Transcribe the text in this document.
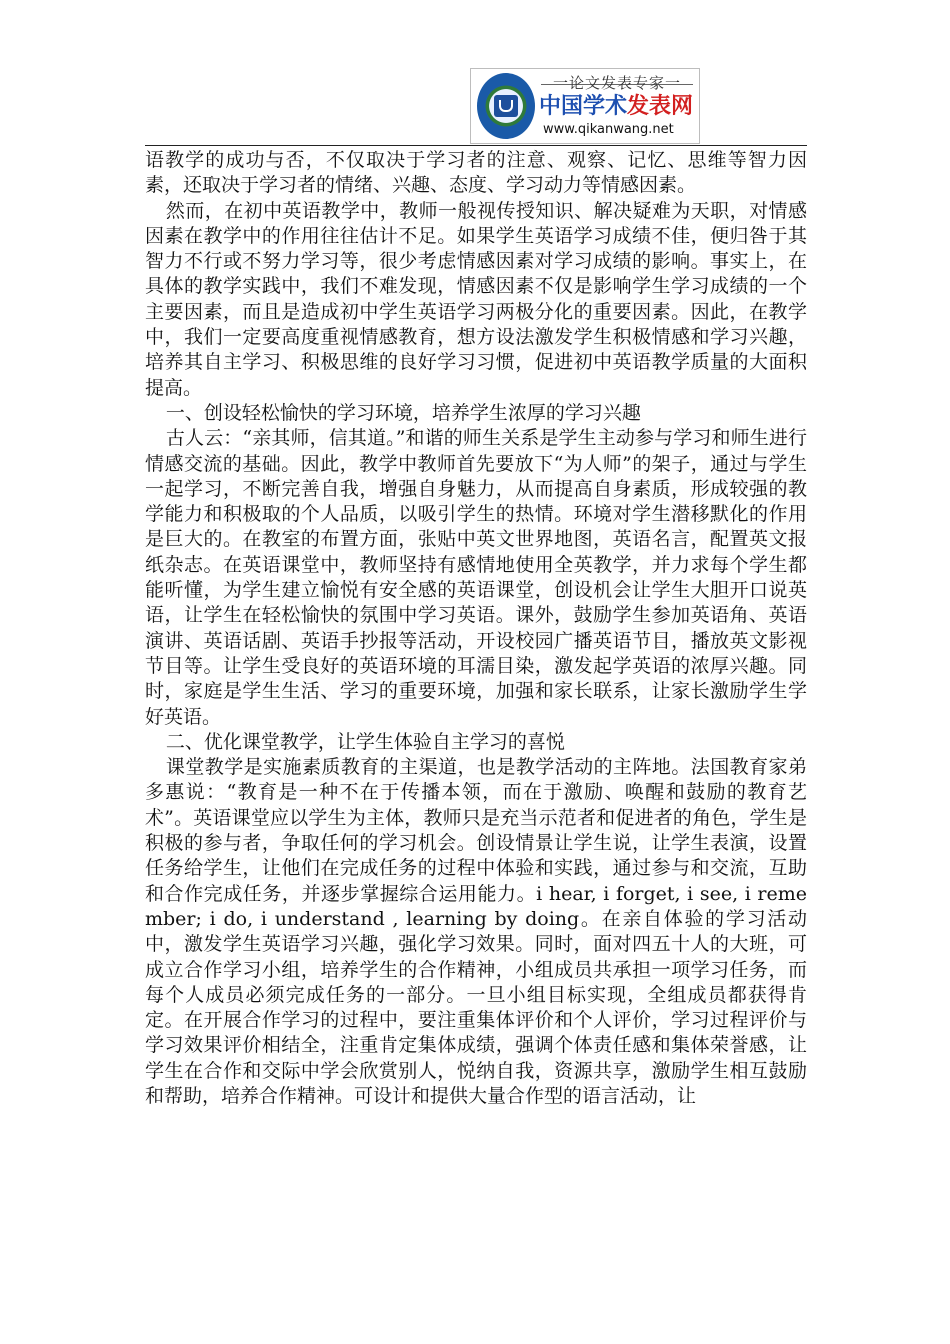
一论文发表专家一
中国学术发表网
www.qikanwang.net

语教学的成功与否，不仅取决于学习者的注意、观察、记忆、思维等智力因素，还取决于学习者的情绪、兴趣、态度、学习动力等情感因素。

然而，在初中英语教学中，教师一般视传授知识、解决疑难为天职，对情感因素在教学中的作用往往估计不足。如果学生英语学习成绩不佳，便归咎于其智力不行或不努力学习等，很少考虑情感因素对学习成绩的影响。事实上，在具体的教学实践中，我们不难发现，情感因素不仅是影响学生学习成绩的一个主要因素，而且是造成初中学生英语学习两极分化的重要因素。因此，在教学中，我们一定要高度重视情感教育，想方设法激发学生积极情感和学习兴趣，培养其自主学习、积极思维的良好学习习惯，促进初中英语教学质量的大面积提高。

一、创设轻松愉快的学习环境，培养学生浓厚的学习兴趣

古人云：“亲其师，信其道。”和谐的师生关系是学生主动参与学习和师生进行情感交流的基础。因此，教学中教师首先要放下“为人师”的架子，通过与学生一起学习，不断完善自我，增强自身魅力，从而提高自身素质，形成较强的教学能力和积极取的个人品质，以吸引学生的热情。环境对学生潜移默化的作用是巨大的。在教室的布置方面，张贴中英文世界地图，英语名言，配置英文报纸杂志。在英语课堂中，教师坚持有感情地使用全英教学，并力求每个学生都能听懂，为学生建立愉悦有安全感的英语课堂，创设机会让学生大胆开口说英语，让学生在轻松愉快的氛围中学习英语。课外，鼓励学生参加英语角、英语演讲、英语话剧、英语手抄报等活动，开设校园广播英语节目，播放英文影视节目等。让学生受良好的英语环境的耳濡目染，激发起学英语的浓厚兴趣。同时，家庭是学生生活、学习的重要环境，加强和家长联系，让家长激励学生学好英语。

二、优化课堂教学，让学生体验自主学习的喜悦

课堂教学是实施素质教育的主渠道，也是教学活动的主阵地。法国教育家弟多惠说：“教育是一种不在于传播本领，而在于激励、唤醒和鼓励的教育艺术”。英语课堂应以学生为主体，教师只是充当示范者和促进者的角色，学生是积极的参与者，争取任何的学习机会。创设情景让学生说，让学生表演，设置任务给学生，让他们在完成任务的过程中体验和实践，通过参与和交流，互助和合作完成任务，并逐步掌握综合运用能力。i hear, i forget, i see, i remember; i do, i understand , learning by doing。在亲自体验的学习活动中，激发学生英语学习兴趣，强化学习效果。同时，面对四五十人的大班，可成立合作学习小组，培养学生的合作精神，小组成员共承担一项学习任务，而每个人成员必须完成任务的一部分。一旦小组目标实现，全组成员都获得肯定。在开展合作学习的过程中，要注重集体评价和个人评价，学习过程评价与学习效果评价相结全，注重肯定集体成绩，强调个体责任感和集体荣誉感，让学生在合作和交际中学会欣赏别人，悦纳自我，资源共享，激励学生相互鼓励和帮助，培养合作精神。可设计和提供大量合作型的语言活动，让
